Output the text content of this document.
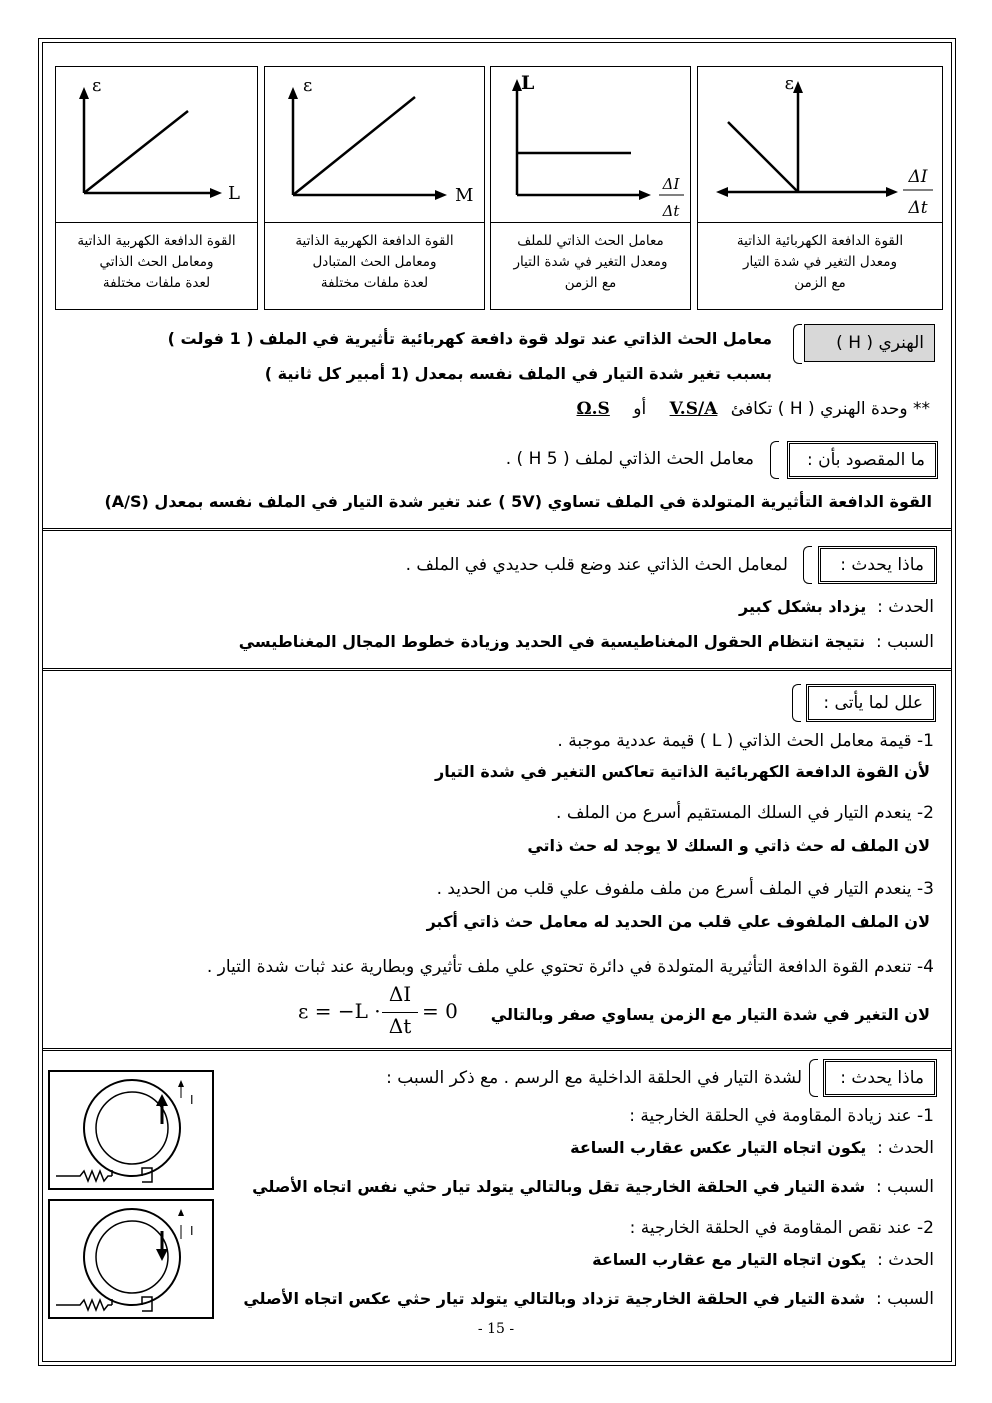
ε
ΔI
Δt
القوة الدافعة الكهربائية الذاتية
ومعدل التغير في شدة التيار
مع الزمن
L
ΔI
Δt
معامل الحث الذاتي للملف
ومعدل التغير في شدة التيار
مع الزمن
ε
M
القوة الدافعة الكهربية الذاتية
ومعامل الحث المتبادل
لعدة ملفات مختلفة
ε
L
القوة الدافعة الكهربية الذاتية
ومعامل الحث الذاتي
لعدة ملفات مختلفة
الهنري ( H )
معامل الحث الذاتي عند تولد قوة دافعة كهربائية تأثيرية في الملف ( 1 فولت )
بسبب تغير شدة التيار في الملف نفسه بمعدل (1 أمبير كل ثانية )
** وحدة الهنري ( H ) تكافئ V.S/A أو Ω.S
ما المقصود بأن :
معامل الحث الذاتي لملف ( 5 H ) .
القوة الدافعة التأثيرية المتولدة في الملف تساوي (5V ) عند تغير شدة التيار في الملف نفسه بمعدل (A/S)
ماذا يحدث :
لمعامل الحث الذاتي عند وضع قلب حديدي في الملف .
الحدث :  يزداد بشكل كبير
السبب :  نتيجة انتظام الحقول المغناطيسية في الحديد وزيادة خطوط المجال المغناطيسي
علل لما يأتى :
1- قيمة معامل الحث الذاتي ( L ) قيمة عددية موجبة .
لأن القوة الدافعة الكهربائية الذاتية تعاكس التغير في شدة التيار
2- ينعدم التيار في السلك المستقيم أسرع من الملف .
لان الملف له حث ذاتي و السلك لا يوجد له حث ذاتي
3- ينعدم التيار في الملف أسرع من ملف ملفوف علي قلب من الحديد .
لان الملف الملفوف علي قلب من الحديد له معامل حث ذاتي أكبر
4- تنعدم القوة الدافعة التأثيرية المتولدة في دائرة تحتوي علي ملف تأثيري وبطارية عند ثبات شدة التيار .
لان التغير في شدة التيار مع الزمن يساوي صفر وبالتالي
ε = −L ·
ΔI
Δt
= 0
ماذا يحدث :
لشدة التيار في الحلقة الداخلية مع الرسم . مع ذكر السبب :
1- عند زيادة المقاومة في الحلقة الخارجية :
الحدث :  يكون اتجاه التيار عكس عقارب الساعة
السبب :  شدة التيار في الحلقة الخارجية تقل وبالتالي يتولد تيار حثي نفس اتجاه الأصلي
2- عند نقص المقاومة في الحلقة الخارجية :
الحدث :  يكون اتجاه التيار مع عقارب الساعة
السبب :  شدة التيار في الحلقة الخارجية تزداد وبالتالي يتولد تيار حثي عكس اتجاه الأصلي
I
I
- 15 -
